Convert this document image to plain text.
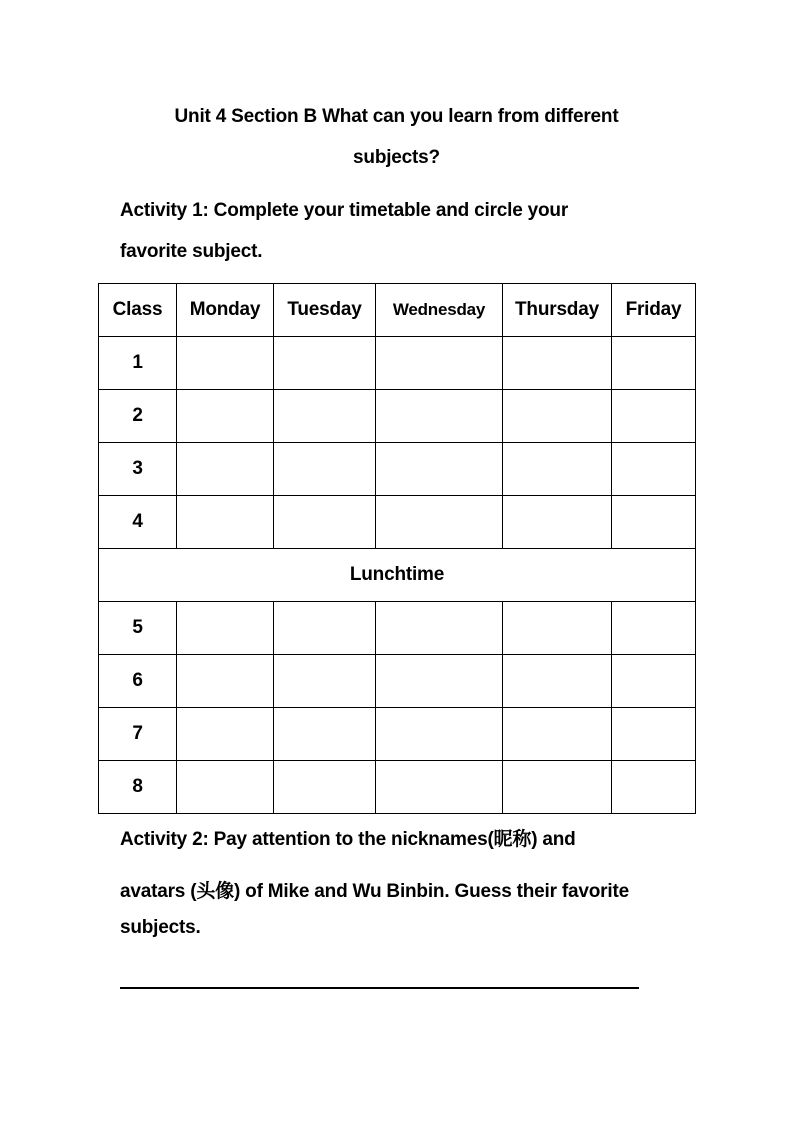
Unit 4 Section B What can you learn from different
subjects?
Activity 1: Complete your timetable and circle your
favorite subject.
Class	Monday	Tuesday	Wednesday	Thursday	Friday
1					
2					
3					
4					
Lunchtime					
5					
6					
7					
8					
Activity 2: Pay attention to the nicknames(昵称) and
avatars (头像) of Mike and Wu Binbin. Guess their favorite
subjects.
